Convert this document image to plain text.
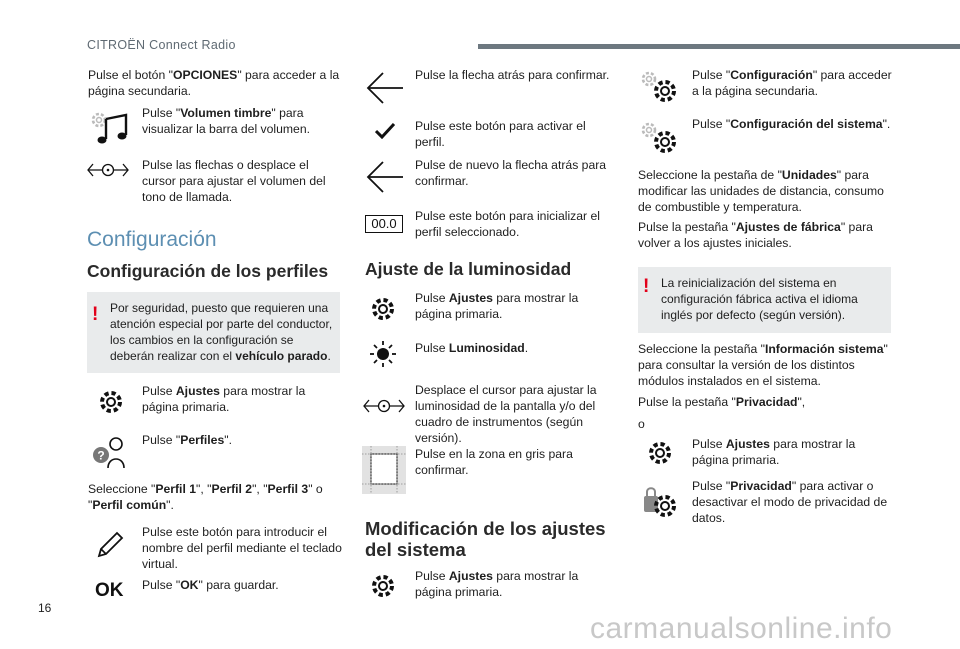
CITROËN Connect Radio
16
carmanualsonline.info
Pulse el botón "OPCIONES" para acceder a la página secundaria.
Pulse "Volumen timbre" para visualizar la barra del volumen.
Pulse las flechas o desplace el cursor para ajustar el volumen del tono de llamada.
Configuración
Configuración de los perfiles
! Por seguridad, puesto que requieren una atención especial por parte del conductor, los cambios en la configuración se deberán realizar con el vehículo parado.
Pulse Ajustes para mostrar la página primaria.
?
Pulse "Perfiles".
Seleccione "Perfil 1", "Perfil 2", "Perfil 3" o "Perfil común".
Pulse este botón para introducir el nombre del perfil mediante el teclado virtual.
OK Pulse "OK" para guardar.
Pulse la flecha atrás para confirmar.
Pulse este botón para activar el perfil.
Pulse de nuevo la flecha atrás para confirmar.
00.0	Pulse este botón para inicializar el perfil seleccionado.
Ajuste de la luminosidad
Pulse Ajustes para mostrar la página primaria.
Pulse Luminosidad.
Desplace el cursor para ajustar la luminosidad de la pantalla y/o del cuadro de instrumentos (según versión).
Pulse en la zona en gris para confirmar.
Modificación de los ajustes del sistema
Pulse Ajustes para mostrar la página primaria.
Pulse "Configuración" para acceder a la página secundaria.
Pulse "Configuración del sistema".
Seleccione la pestaña de "Unidades" para modificar las unidades de distancia, consumo de combustible y temperatura.
Pulse la pestaña "Ajustes de fábrica" para volver a los ajustes iniciales.
! La reinicialización del sistema en configuración fábrica activa el idioma inglés por defecto (según versión).
Seleccione la pestaña "Información sistema" para consultar la versión de los distintos módulos instalados en el sistema.
Pulse la pestaña "Privacidad",
o
Pulse Ajustes para mostrar la página primaria.
Pulse "Privacidad" para activar o desactivar el modo de privacidad de datos.
